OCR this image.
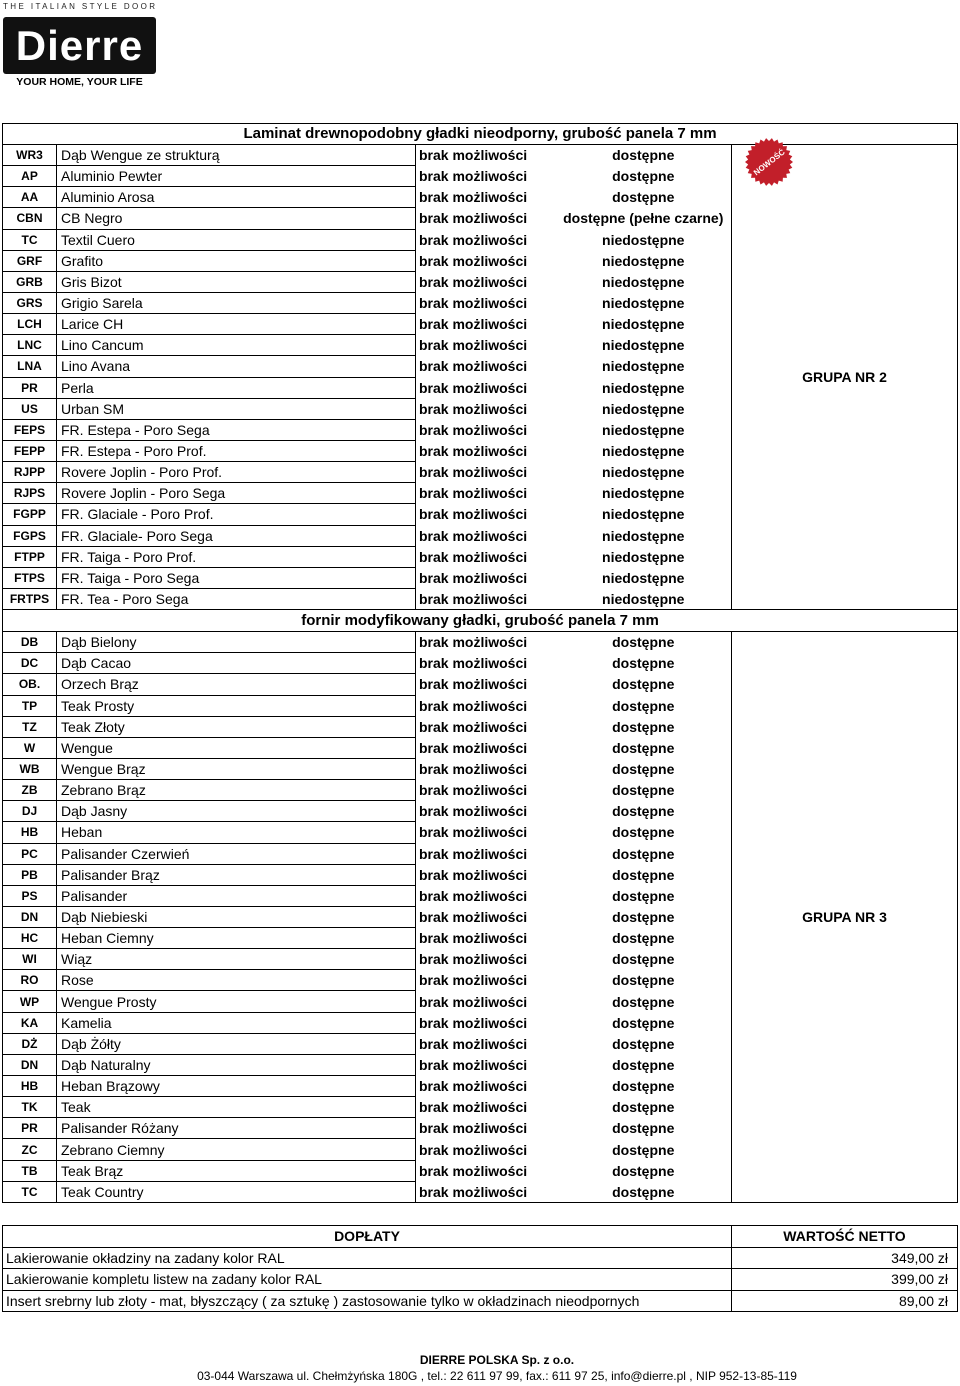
THE ITALIAN STYLE DOOR
Dierre
YOUR HOME, YOUR LIFE
Laminat drewnopodobny gładki nieodporny, grubość panela 7 mm				
WR3	Dąb Wengue ze strukturą	brak możliwości	dostępne	GRUPA NR 2
AP	Aluminio Pewter	brak możliwości	dostępne	
AA	Aluminio Arosa	brak możliwości	dostępne	
CBN	CB Negro	brak możliwości	dostępne (pełne czarne)	
TC	Textil Cuero	brak możliwości	niedostępne	
GRF	Grafito	brak możliwości	niedostępne	
GRB	Gris Bizot	brak możliwości	niedostępne	
GRS	Grigio Sarela	brak możliwości	niedostępne	
LCH	Larice CH	brak możliwości	niedostępne	
LNC	Lino Cancum	brak możliwości	niedostępne	
LNA	Lino Avana	brak możliwości	niedostępne	
PR	Perla	brak możliwości	niedostępne	
US	Urban SM	brak możliwości	niedostępne	
FEPS	FR. Estepa - Poro Sega	brak możliwości	niedostępne	
FEPP	FR. Estepa - Poro Prof.	brak możliwości	niedostępne	
RJPP	Rovere Joplin - Poro Prof.	brak możliwości	niedostępne	
RJPS	Rovere Joplin - Poro Sega	brak możliwości	niedostępne	
FGPP	FR. Glaciale - Poro Prof.	brak możliwości	niedostępne	
FGPS	FR. Glaciale- Poro Sega	brak możliwości	niedostępne	
FTPP	FR. Taiga - Poro Prof.	brak możliwości	niedostępne	
FTPS	FR. Taiga - Poro Sega	brak możliwości	niedostępne	
FRTPS	FR. Tea - Poro Sega	brak możliwości	niedostępne	
fornir modyfikowany gładki, grubość panela 7 mm				
DB	Dąb Bielony	brak możliwości	dostępne	GRUPA NR 3
DC	Dąb Cacao	brak możliwości	dostępne	
OB.	Orzech Brąz	brak możliwości	dostępne	
TP	Teak Prosty	brak możliwości	dostępne	
TZ	Teak Złoty	brak możliwości	dostępne	
W	Wengue	brak możliwości	dostępne	
WB	Wengue Brąz	brak możliwości	dostępne	
ZB	Zebrano Brąz	brak możliwości	dostępne	
DJ	Dąb Jasny	brak możliwości	dostępne	
HB	Heban	brak możliwości	dostępne	
PC	Palisander Czerwień	brak możliwości	dostępne	
PB	Palisander Brąz	brak możliwości	dostępne	
PS	Palisander	brak możliwości	dostępne	
DN	Dąb Niebieski	brak możliwości	dostępne	
HC	Heban Ciemny	brak możliwości	dostępne	
WI	Wiąz	brak możliwości	dostępne	
RO	Rose	brak możliwości	dostępne	
WP	Wengue Prosty	brak możliwości	dostępne	
KA	Kamelia	brak możliwości	dostępne	
DŻ	Dąb Żółty	brak możliwości	dostępne	
DN	Dąb Naturalny	brak możliwości	dostępne	
HB	Heban Brązowy	brak możliwości	dostępne	
TK	Teak	brak możliwości	dostępne	
PR	Palisander Różany	brak możliwości	dostępne	
ZC	Zebrano Ciemny	brak możliwości	dostępne	
TB	Teak Brąz	brak możliwości	dostępne	
TC	Teak Country	brak możliwości	dostępne	
NOWOŚĆ
DOPŁATY	WARTOŚĆ NETTO
Lakierowanie okładziny na zadany kolor RAL	349,00 zł
Lakierowanie kompletu listew na zadany kolor RAL	399,00 zł
Insert srebrny lub złoty - mat, błyszczący ( za sztukę ) zastosowanie tylko w okładzinach nieodpornych	89,00 zł
DIERRE POLSKA Sp. z o.o.
03-044 Warszawa ul. Chełmżyńska 180G , tel.: 22 611 97 99, fax.: 611 97 25, info@dierre.pl , NIP 952-13-85-119
